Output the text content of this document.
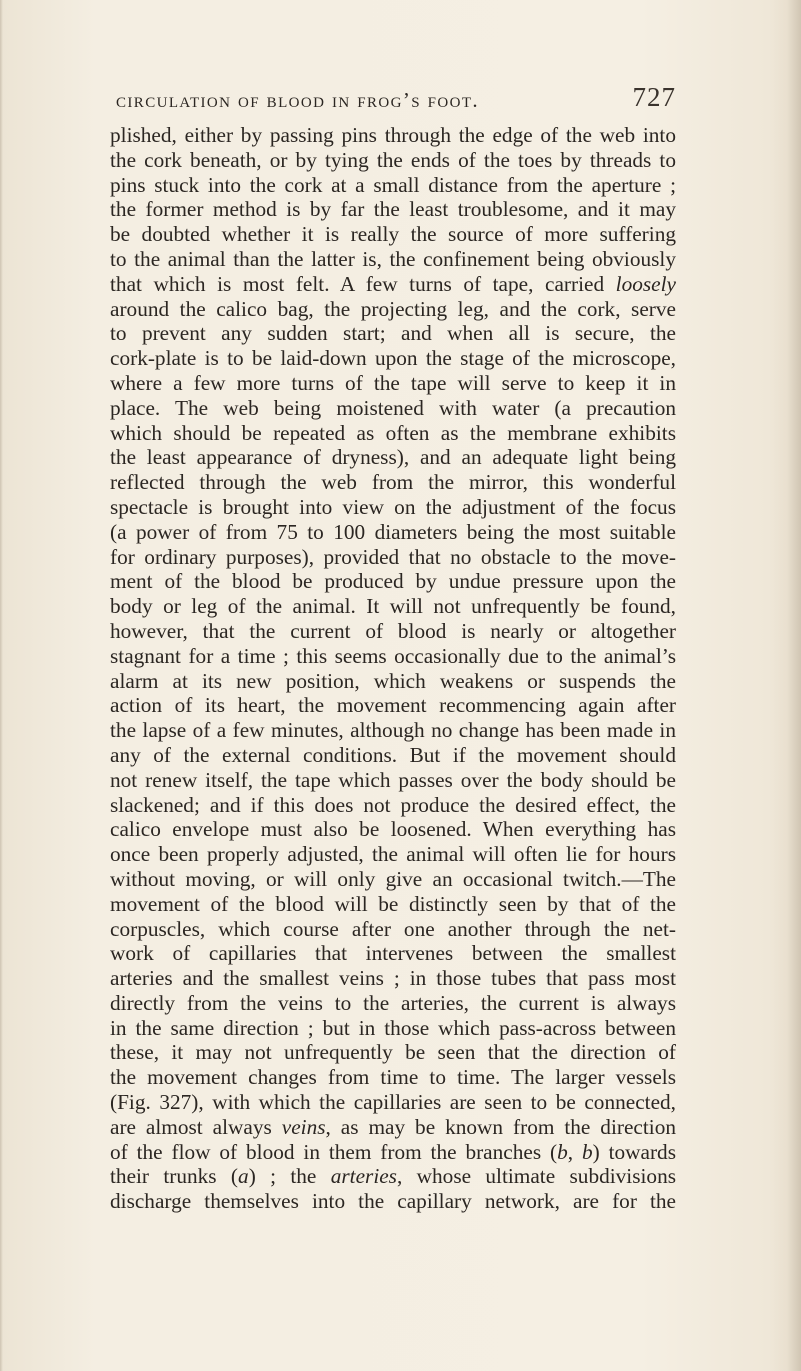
circulation of blood in frog’s foot.	727
plished, either by passing pins through the edge of the web into
the cork beneath, or by tying the ends of the toes by threads to
pins stuck into the cork at a small distance from the aperture ;
the former method is by far the least troublesome, and it may
be doubted whether it is really the source of more suffering
to the animal than the latter is, the confinement being obviously
that which is most felt. A few turns of tape, carried loosely
around the calico bag, the projecting leg, and the cork, serve
to prevent any sudden start; and when all is secure, the
cork-plate is to be laid-down upon the stage of the microscope,
where a few more turns of the tape will serve to keep it in
place. The web being moistened with water (a precaution
which should be repeated as often as the membrane exhibits
the least appearance of dryness), and an adequate light being
reflected through the web from the mirror, this wonderful
spectacle is brought into view on the adjustment of the focus
(a power of from 75 to 100 diameters being the most suitable
for ordinary purposes), provided that no obstacle to the move-
ment of the blood be produced by undue pressure upon the
body or leg of the animal. It will not unfrequently be found,
however, that the current of blood is nearly or altogether
stagnant for a time ; this seems occasionally due to the animal’s
alarm at its new position, which weakens or suspends the
action of its heart, the movement recommencing again after
the lapse of a few minutes, although no change has been made in
any of the external conditions. But if the movement should
not renew itself, the tape which passes over the body should be
slackened; and if this does not produce the desired effect, the
calico envelope must also be loosened. When everything has
once been properly adjusted, the animal will often lie for hours
without moving, or will only give an occasional twitch.—The
movement of the blood will be distinctly seen by that of the
corpuscles, which course after one another through the net-
work of capillaries that intervenes between the smallest
arteries and the smallest veins ; in those tubes that pass most
directly from the veins to the arteries, the current is always
in the same direction ; but in those which pass-across between
these, it may not unfrequently be seen that the direction of
the movement changes from time to time. The larger vessels
(Fig. 327), with which the capillaries are seen to be connected,
are almost always veins, as may be known from the direction
of the flow of blood in them from the branches (b, b) towards
their trunks (a) ; the arteries, whose ultimate subdivisions
discharge themselves into the capillary network, are for the
